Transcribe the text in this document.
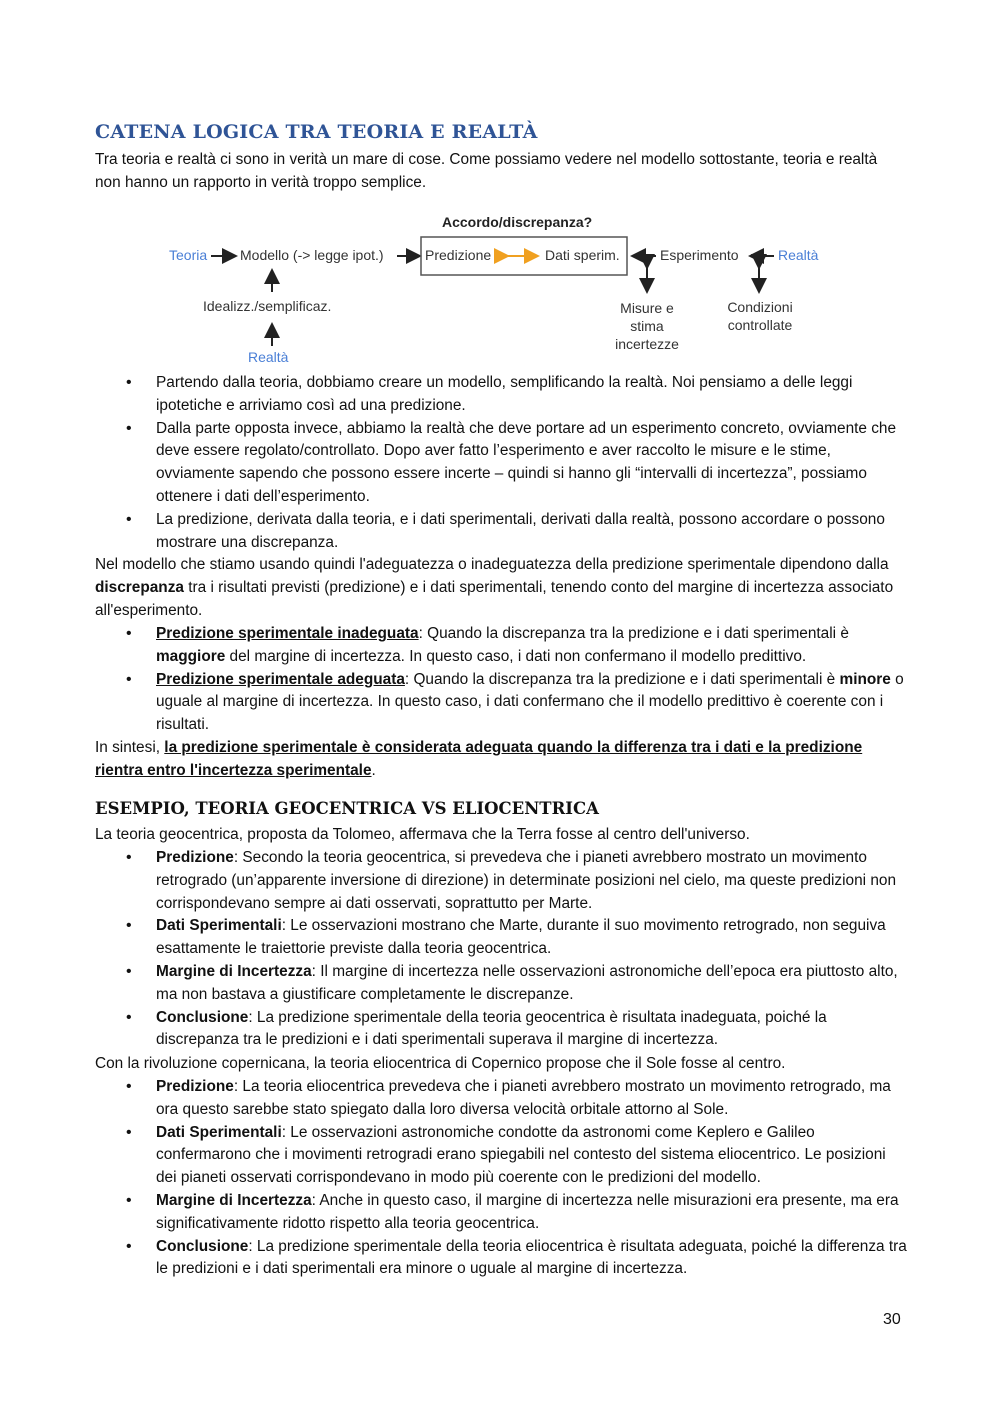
CATENA LOGICA TRA TEORIA E REALTÀ

Tra teoria e realtà ci sono in verità un mare di cose. Come possiamo vedere nel modello sottostante, teoria e realtà non hanno un rapporto in verità troppo semplice.

Accordo/discrepanza?
Teoria Modello (-> legge ipot.)	Predizione	Dati sperim.	Esperimento	Realtà
Idealizz./semplificaz.
Realtà
Misure e
stima
incertezze
Condizioni
controllate
• Partendo dalla teoria, dobbiamo creare un modello, semplificando la realtà. Noi pensiamo a delle leggi ipotetiche e arriviamo così ad una predizione.
• Dalla parte opposta invece, abbiamo la realtà che deve portare ad un esperimento concreto, ovviamente che deve essere regolato/controllato. Dopo aver fatto l’esperimento e aver raccolto le misure e le stime, ovviamente sapendo che possono essere incerte – quindi si hanno gli “intervalli di incertezza”, possiamo ottenere i dati dell’esperimento.
• La predizione, derivata dalla teoria, e i dati sperimentali, derivati dalla realtà, possono accordare o possono mostrare una discrepanza.

Nel modello che stiamo usando quindi l'adeguatezza o inadeguatezza della predizione sperimentale dipendono dalla discrepanza tra i risultati previsti (predizione) e i dati sperimentali, tenendo conto del margine di incertezza associato all'esperimento.

• Predizione sperimentale inadeguata: Quando la discrepanza tra la predizione e i dati sperimentali è maggiore del margine di incertezza. In questo caso, i dati non confermano il modello predittivo.
• Predizione sperimentale adeguata: Quando la discrepanza tra la predizione e i dati sperimentali è minore o uguale al margine di incertezza. In questo caso, i dati confermano che il modello predittivo è coerente con i risultati.

In sintesi, la predizione sperimentale è considerata adeguata quando la differenza tra i dati e la predizione rientra entro l'incertezza sperimentale.

ESEMPIO, TEORIA GEOCENTRICA VS ELIOCENTRICA

La teoria geocentrica, proposta da Tolomeo, affermava che la Terra fosse al centro dell'universo.

• Predizione: Secondo la teoria geocentrica, si prevedeva che i pianeti avrebbero mostrato un movimento retrogrado (un’apparente inversione di direzione) in determinate posizioni nel cielo, ma queste predizioni non corrispondevano sempre ai dati osservati, soprattutto per Marte.
• Dati Sperimentali: Le osservazioni mostrano che Marte, durante il suo movimento retrogrado, non seguiva esattamente le traiettorie previste dalla teoria geocentrica.
• Margine di Incertezza: Il margine di incertezza nelle osservazioni astronomiche dell’epoca era piuttosto alto, ma non bastava a giustificare completamente le discrepanze.
• Conclusione: La predizione sperimentale della teoria geocentrica è risultata inadeguata, poiché la discrepanza tra le predizioni e i dati sperimentali superava il margine di incertezza.

Con la rivoluzione copernicana, la teoria eliocentrica di Copernico propose che il Sole fosse al centro.

• Predizione: La teoria eliocentrica prevedeva che i pianeti avrebbero mostrato un movimento retrogrado, ma ora questo sarebbe stato spiegato dalla loro diversa velocità orbitale attorno al Sole.
• Dati Sperimentali: Le osservazioni astronomiche condotte da astronomi come Keplero e Galileo confermarono che i movimenti retrogradi erano spiegabili nel contesto del sistema eliocentrico. Le posizioni dei pianeti osservati corrispondevano in modo più coerente con le predizioni del modello.
• Margine di Incertezza: Anche in questo caso, il margine di incertezza nelle misurazioni era presente, ma era significativamente ridotto rispetto alla teoria geocentrica.
• Conclusione: La predizione sperimentale della teoria eliocentrica è risultata adeguata, poiché la differenza tra le predizioni e i dati sperimentali era minore o uguale al margine di incertezza.
30
